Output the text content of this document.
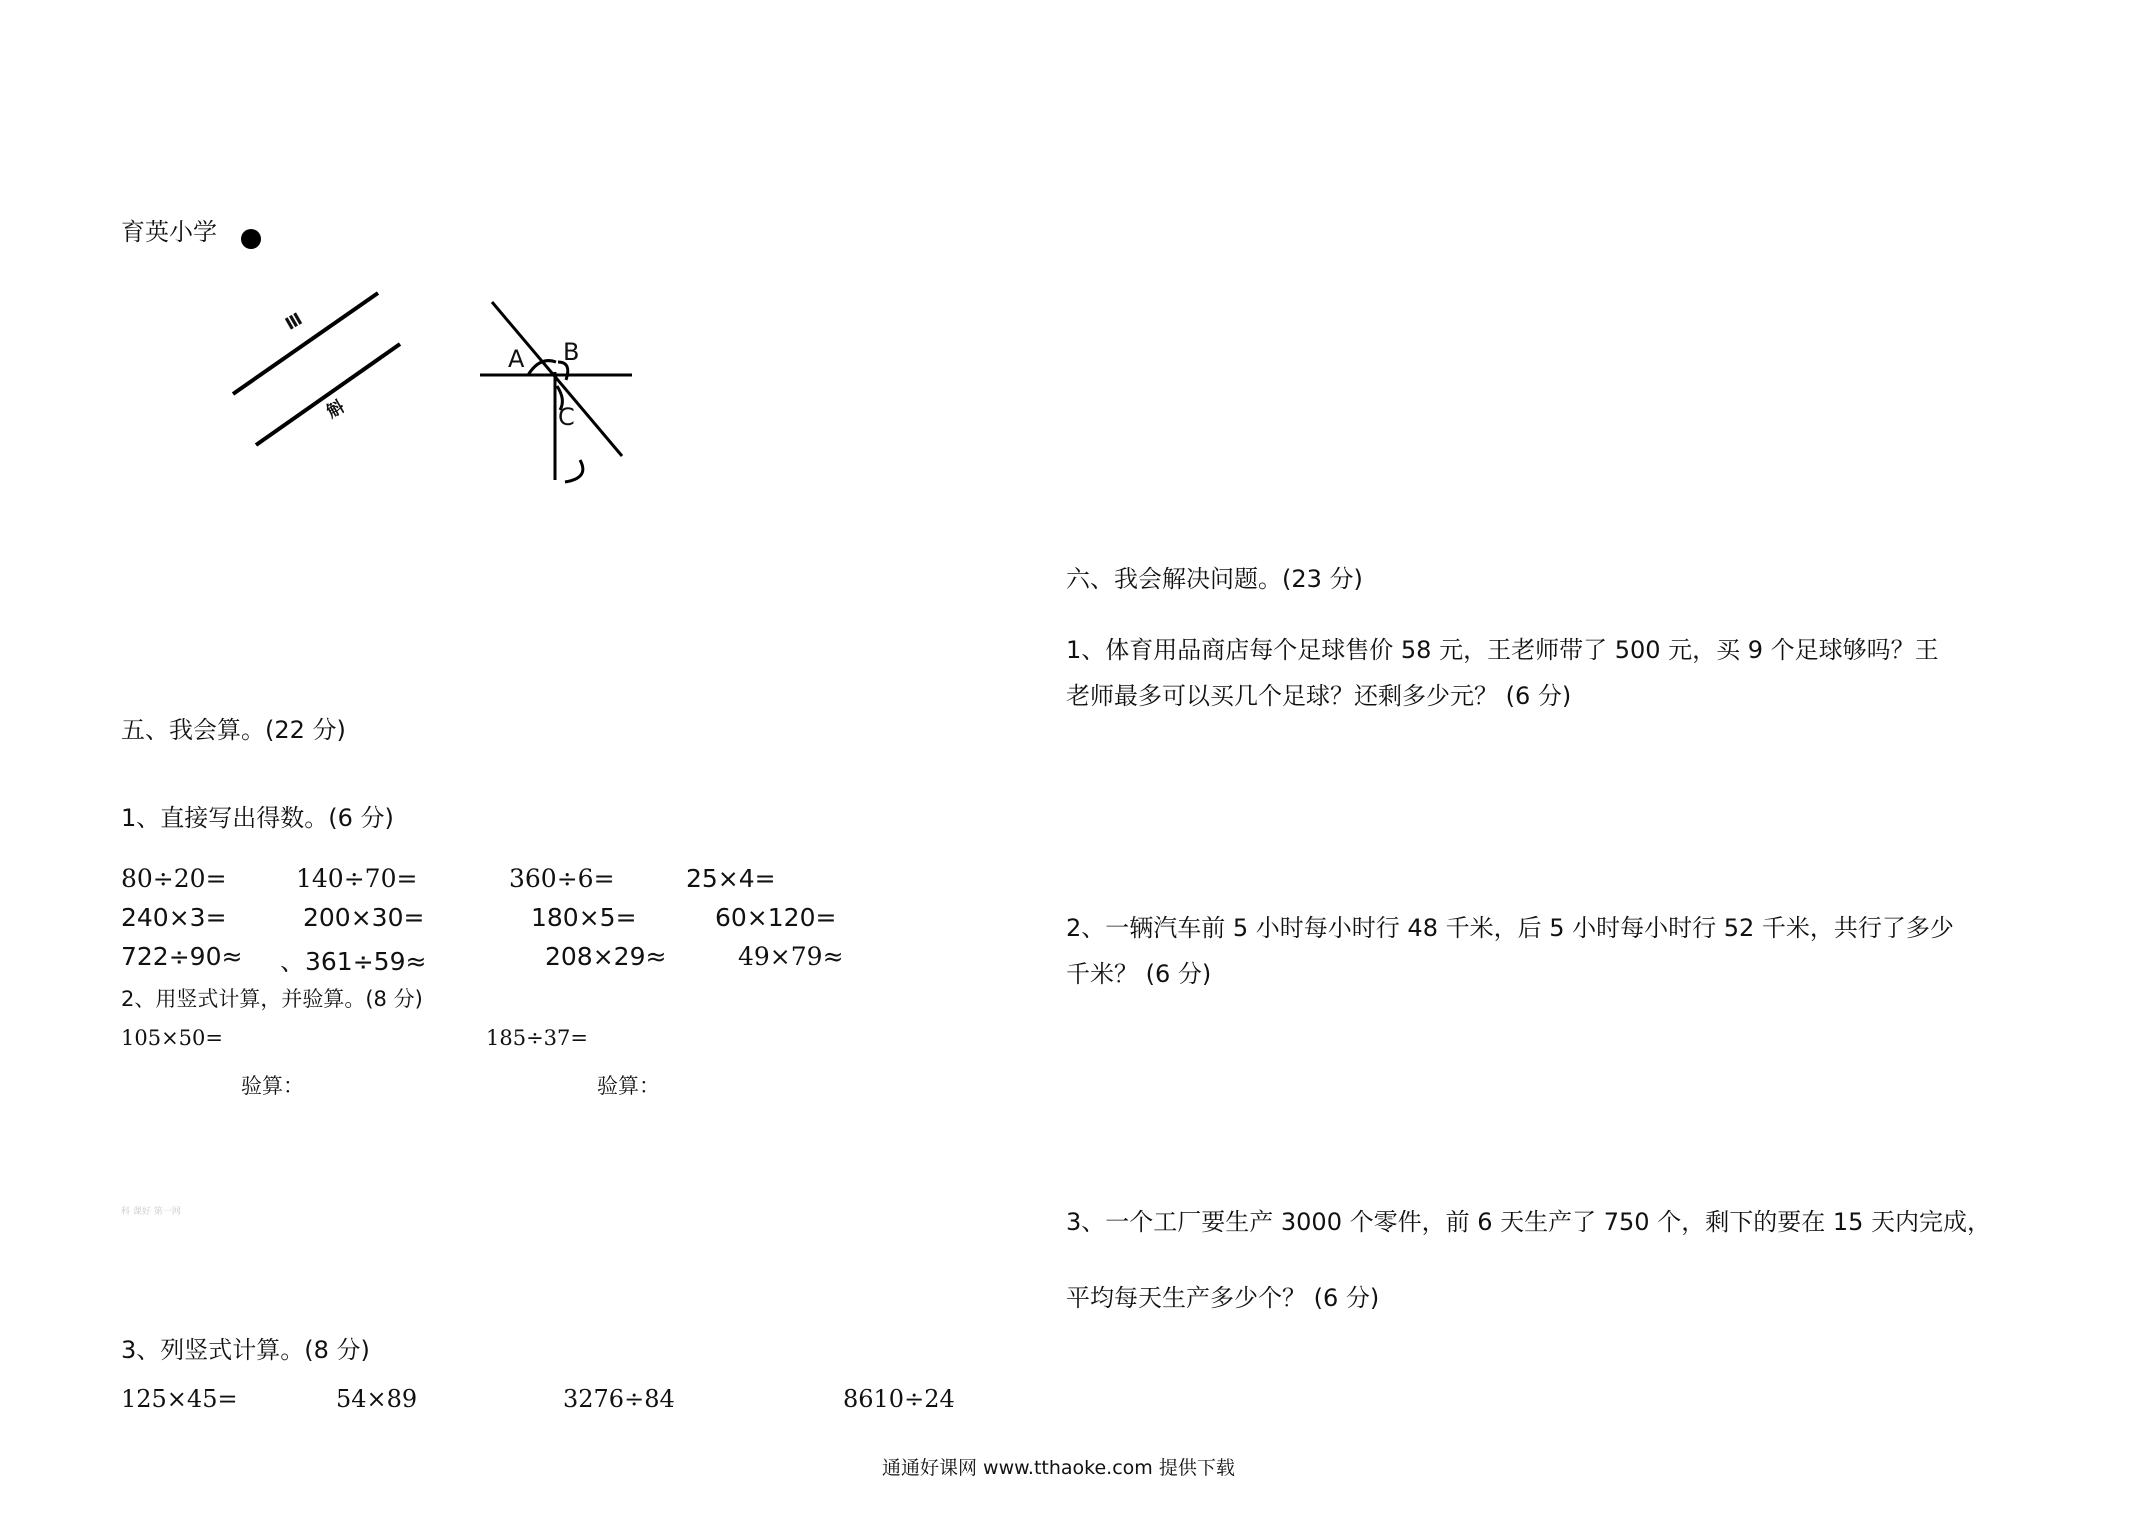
育英小学
Ⅲ
斛
A B
C
五、我会算。(22 分)
1、直接写出得数。(6 分)
80÷20=	140÷70=	360÷6=	25×4=
240×3=	200×30=	180×5=	60×120=
722÷90≈ 、361÷59≈	208×29≈	49×79≈
2、用竖式计算，并验算。(8 分)
105×50=	185÷37=
验算：	验算：
科 课好 第一网
3、列竖式计算。(8 分)
125×45=	54×89	3276÷84	8610÷24
六、我会解决问题。(23 分)
1、体育用品商店每个足球售价 58 元，王老师带了 500 元，买 9 个足球够吗？王
老师最多可以买几个足球？还剩多少元？ (6 分)
2、一辆汽车前 5 小时每小时行 48 千米，后 5 小时每小时行 52 千米，共行了多少
千米？ (6 分)
3、一个工厂要生产 3000 个零件，前 6 天生产了 750 个，剩下的要在 15 天内完成，
平均每天生产多少个？ (6 分)
通通好课网 www.tthaoke.com 提供下载
